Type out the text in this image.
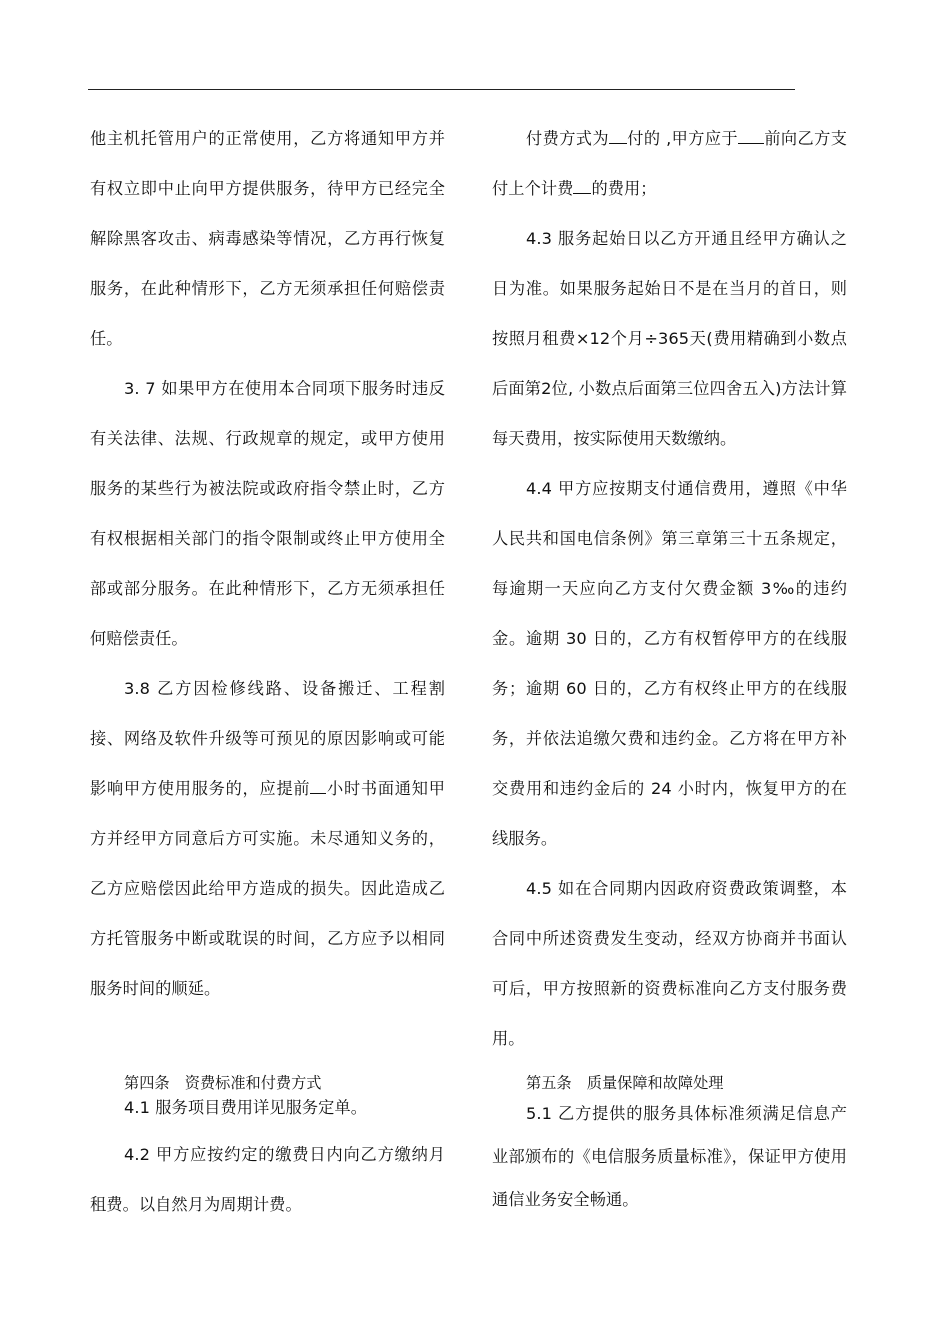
他主机托管用户的正常使用，乙方将通知甲方并有权立即中止向甲方提供服务，待甲方已经完全解除黑客攻击、病毒感染等情况，乙方再行恢复服务，在此种情形下，乙方无须承担任何赔偿责任。

3. 7 如果甲方在使用本合同项下服务时违反有关法律、法规、行政规章的规定，或甲方使用服务的某些行为被法院或政府指令禁止时，乙方有权根据相关部门的指令限制或终止甲方使用全部或部分服务。在此种情形下，乙方无须承担任何赔偿责任。

3.8 乙方因检修线路、设备搬迁、工程割接、网络及软件升级等可预见的原因影响或可能影响甲方使用服务的，应提前 小时书面通知甲方并经甲方同意后方可实施。未尽通知义务的，乙方应赔偿因此给甲方造成的损失。因此造成乙方托管服务中断或耽误的时间，乙方应予以相同服务时间的顺延。

第四条　资费标准和付费方式

4.1 服务项目费用详见服务定单。

4.2 甲方应按约定的缴费日内向乙方缴纳月租费。以自然月为周期计费。

付费方式为 付的 ,甲方应于 前向乙方支付上个计费 的费用；

4.3 服务起始日以乙方开通且经甲方确认之日为准。如果服务起始日不是在当月的首日，则按照月租费×12个月÷365天(费用精确到小数点后面第2位, 小数点后面第三位四舍五入)方法计算每天费用，按实际使用天数缴纳。

4.4 甲方应按期支付通信费用，遵照《中华人民共和国电信条例》第三章第三十五条规定，每逾期一天应向乙方支付欠费金额 3‰的违约金。逾期 30 日的，乙方有权暂停甲方的在线服务；逾期 60 日的，乙方有权终止甲方的在线服务，并依法追缴欠费和违约金。乙方将在甲方补交费用和违约金后的 24 小时内，恢复甲方的在线服务。

4.5 如在合同期内因政府资费政策调整，本合同中所述资费发生变动，经双方协商并书面认可后，甲方按照新的资费标准向乙方支付服务费用。

第五条　质量保障和故障处理

5.1 乙方提供的服务具体标准须满足信息产业部颁布的《电信服务质量标准》，保证甲方使用通信业务安全畅通。
